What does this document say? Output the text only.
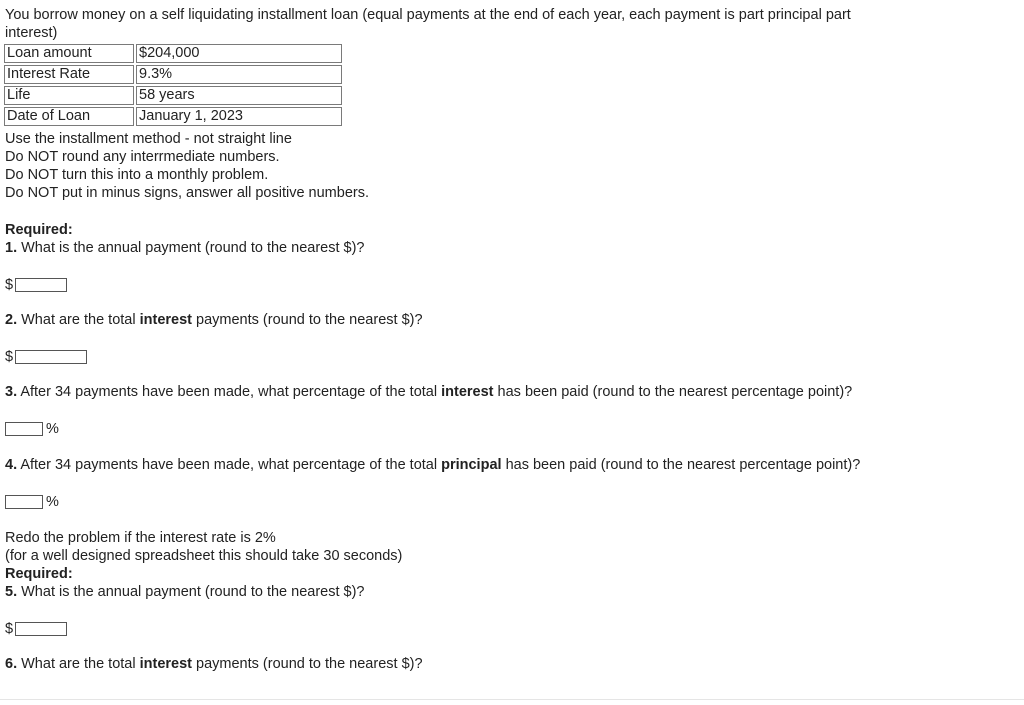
You borrow money on a self liquidating installment loan (equal payments at the end of each year, each payment is part principal part
interest)
Loan amount	$204,000
Interest Rate	9.3%
Life	58 years
Date of Loan	January 1, 2023
Use the installment method - not straight line
Do NOT round any interrmediate numbers.
Do NOT turn this into a monthly problem.
Do NOT put in minus signs, answer all positive numbers.
Required:
1. What is the annual payment (round to the nearest $)?
$
2. What are the total interest payments (round to the nearest $)?
$
3. After 34 payments have been made, what percentage of the total interest has been paid (round to the nearest percentage point)?
%
4. After 34 payments have been made, what percentage of the total principal has been paid (round to the nearest percentage point)?
%
Redo the problem if the interest rate is 2%
(for a well designed spreadsheet this should take 30 seconds)
Required:
5. What is the annual payment (round to the nearest $)?
$
6. What are the total interest payments (round to the nearest $)?
